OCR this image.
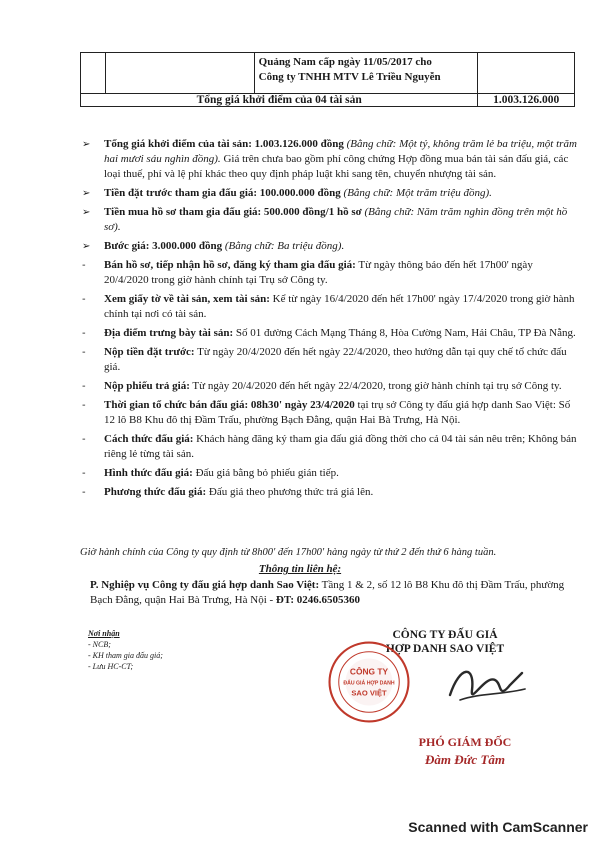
		Quảng Nam cấp ngày 11/05/2017 cho
Công ty TNHH MTV Lê Triều Nguyễn	

Tổng giá khởi điểm của 04 tài sản			1.003.126.000
➢	Tổng giá khởi điểm của tài sản: 1.003.126.000 đồng (Bằng chữ: Một tỷ, không trăm lẻ ba triệu, một trăm hai mươi sáu nghìn đồng). Giá trên chưa bao gồm phí công chứng Hợp đồng mua bán tài sản đấu giá, các loại thuế, phí và lệ phí khác theo quy định pháp luật khi sang tên, chuyển nhượng tài sản.
➢	Tiền đặt trước tham gia đấu giá: 100.000.000 đồng (Bằng chữ: Một trăm triệu đồng).
➢	Tiền mua hồ sơ tham gia đấu giá: 500.000 đồng/1 hồ sơ (Bằng chữ: Năm trăm nghìn đồng trên một hồ sơ).
➢	Bước giá: 3.000.000 đồng (Bằng chữ: Ba triệu đồng).
-	Bán hồ sơ, tiếp nhận hồ sơ, đăng ký tham gia đấu giá: Từ ngày thông báo đến hết 17h00' ngày 20/4/2020 trong giờ hành chính tại Trụ sở Công ty.
-	Xem giấy tờ về tài sản, xem tài sản: Kể từ ngày 16/4/2020 đến hết 17h00' ngày 17/4/2020 trong giờ hành chính tại nơi có tài sản.
-	Địa điểm trưng bày tài sản: Số 01 đường Cách Mạng Tháng 8, Hòa Cường Nam, Hải Châu, TP Đà Nẵng.
-	Nộp tiền đặt trước: Từ ngày 20/4/2020 đến hết ngày 22/4/2020, theo hướng dẫn tại quy chế tổ chức đấu giá.
-	Nộp phiếu trả giá: Từ ngày 20/4/2020 đến hết ngày 22/4/2020, trong giờ hành chính tại trụ sở Công ty.
-	Thời gian tổ chức bán đấu giá: 08h30' ngày 23/4/2020 tại trụ sở Công ty đấu giá hợp danh Sao Việt: Số 12 lô B8 Khu đô thị Đầm Trấu, phường Bạch Đằng, quận Hai Bà Trưng, Hà Nội.
-	Cách thức đấu giá: Khách hàng đăng ký tham gia đấu giá đồng thời cho cả 04 tài sản nêu trên; Không bán riêng lẻ từng tài sản.
-	Hình thức đấu giá: Đấu giá bằng bỏ phiếu gián tiếp.
-	Phương thức đấu giá: Đấu giá theo phương thức trả giá lên.
Giờ hành chính của Công ty quy định từ 8h00' đến 17h00' hàng ngày từ thứ 2 đến thứ 6 hàng tuần.
Thông tin liên hệ:
P. Nghiệp vụ Công ty đấu giá hợp danh Sao Việt: Tầng 1 & 2, số 12 lô B8 Khu đô thị Đầm Trấu, phường Bạch Đằng, quận Hai Bà Trưng, Hà Nội - ĐT: 0246.6505360
Nơi nhận
- NCB;
- KH tham gia đấu giá;
- Lưu HC-CT;
CÔNG TY ĐẤU GIÁ
HỢP DANH SAO VIỆT
CÔNG TY
ĐẤU GIÁ HỢP DANH
SAO VIỆT
PHÓ GIÁM ĐỐC
Đàm Đức Tâm
Scanned with CamScanner
